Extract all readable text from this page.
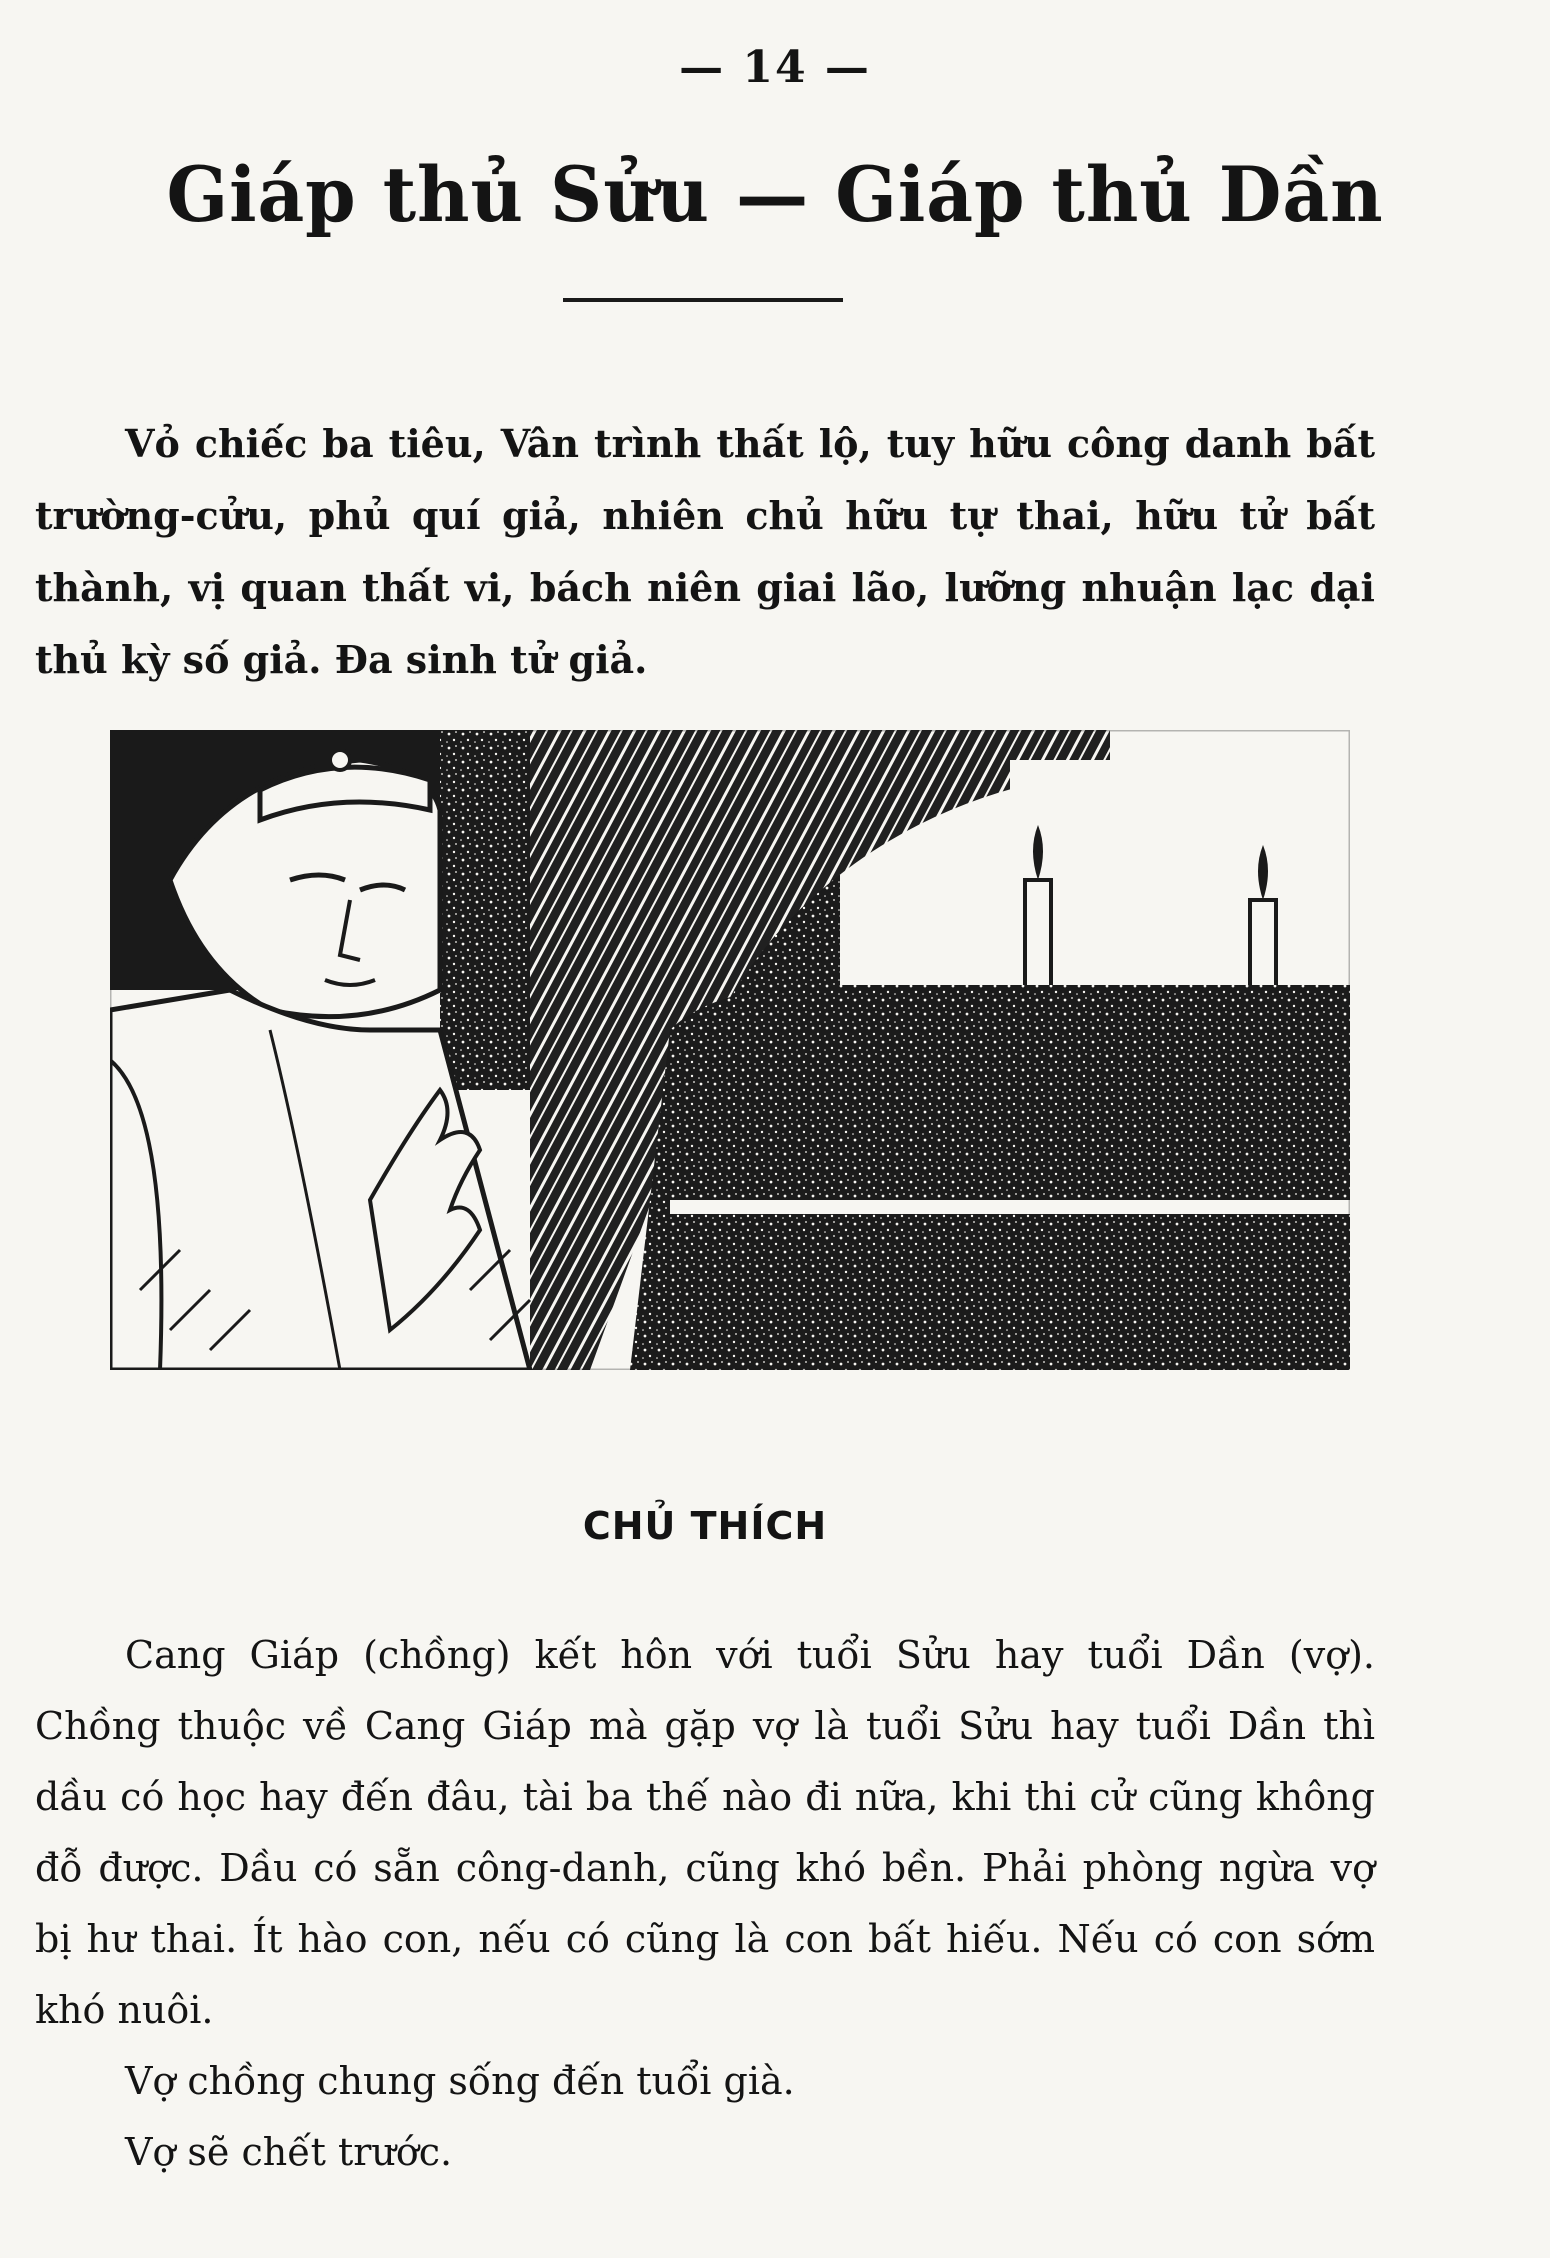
— 14 —
Giáp thủ Sửu — Giáp thủ Dần

Vỏ chiếc ba tiêu, Vân trình thất lộ, tuy hữu công danh bất trường-cửu, phủ quí giả, nhiên chủ hữu tự thai, hữu tử bất thành, vị quan thất vi, bách niên giai lão, lưỡng nhuận lạc dại thủ kỳ số giả. Đa sinh tử giả.

CHỦ THÍCH

Cang Giáp (chồng) kết hôn với tuổi Sửu hay tuổi Dần (vợ). Chồng thuộc về Cang Giáp mà gặp vợ là tuổi Sửu hay tuổi Dần thì dầu có học hay đến đâu, tài ba thế nào đi nữa, khi thi cử cũng không đỗ được. Dầu có sẵn công-danh, cũng khó bền. Phải phòng ngừa vợ bị hư thai. Ít hào con, nếu có cũng là con bất hiếu. Nếu có con sớm khó nuôi.

Vợ chồng chung sống đến tuổi già.

Vợ sẽ chết trước.
